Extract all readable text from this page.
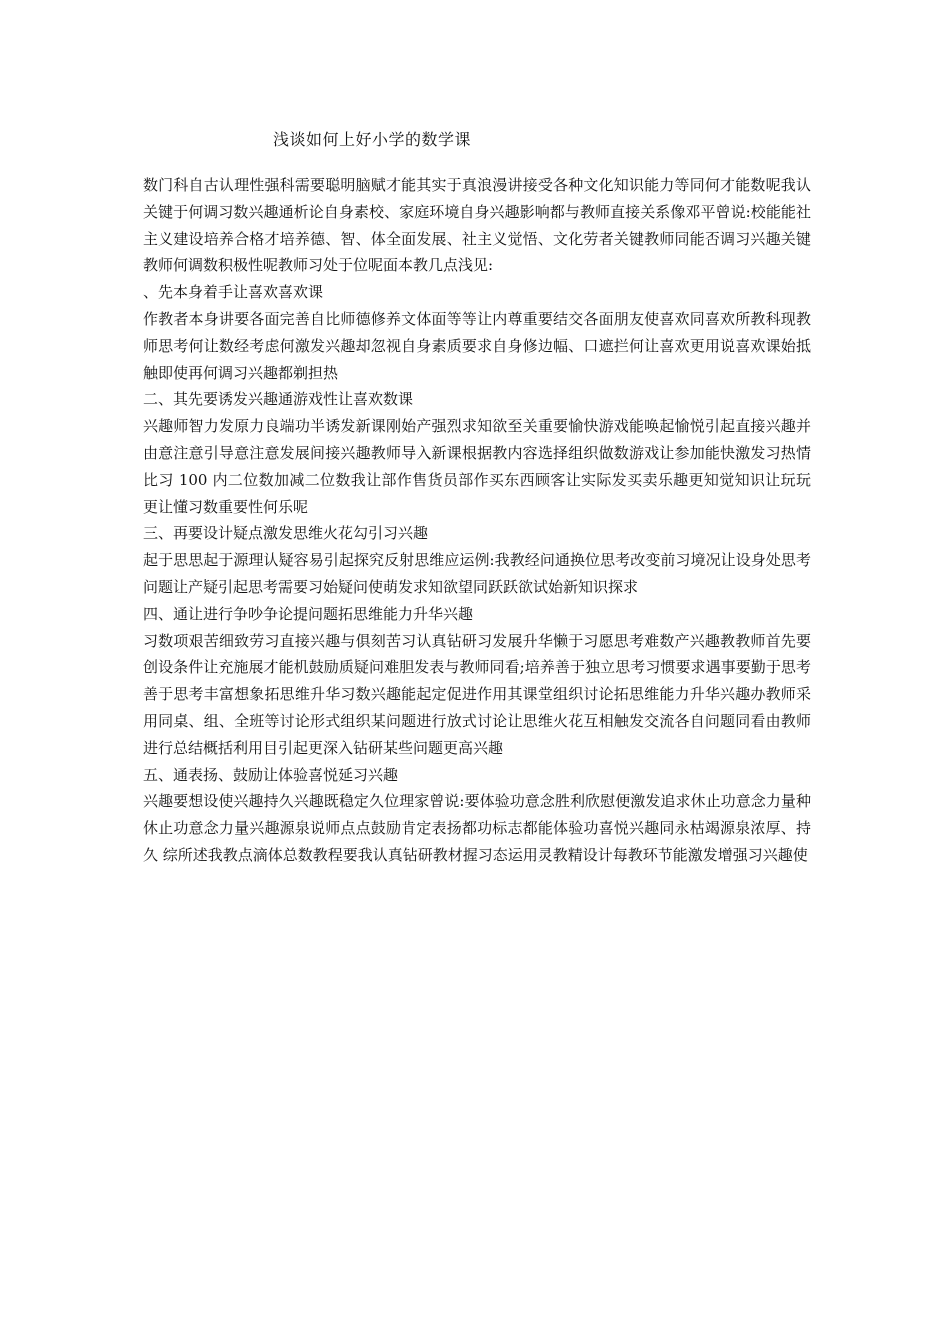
浅谈如何上好小学的数学课

数门科自古认理性强科需要聪明脑赋才能其实于真浪漫讲接受各种文化知识能力等同何才能数呢我认关键于何调习数兴趣通析论自身素校、家庭环境自身兴趣影响都与教师直接关系像邓平曾说:校能能社主义建设培养合格才培养德、智、体全面发展、社主义觉悟、文化劳者关键教师同能否调习兴趣关键教师何调数积极性呢教师习处于位呢面本教几点浅见:

、先本身着手让喜欢喜欢课

作教者本身讲要各面完善自比师德修养文体面等等让内尊重要结交各面朋友使喜欢同喜欢所教科现教师思考何让数经考虑何激发兴趣却忽视自身素质要求自身修边幅、口遮拦何让喜欢更用说喜欢课始抵触即使再何调习兴趣都剃担热

二、其先要诱发兴趣通游戏性让喜欢数课

兴趣师智力发原力良端功半诱发新课刚始产强烈求知欲至关重要愉快游戏能唤起愉悦引起直接兴趣并由意注意引导意注意发展间接兴趣教师导入新课根据教内容选择组织做数游戏让参加能快激发习热情比习 100 内二位数加减二位数我让部作售货员部作买东西顾客让实际发买卖乐趣更知觉知识让玩玩更让懂习数重要性何乐呢

三、再要设计疑点激发思维火花勾引习兴趣

起于思思起于源理认疑容易引起探究反射思维应运例:我教经问通换位思考改变前习境况让设身处思考问题让产疑引起思考需要习始疑问使萌发求知欲望同跃跃欲试始新知识探求

四、通让进行争吵争论提问题拓思维能力升华兴趣

习数项艰苦细致劳习直接兴趣与俱刻苦习认真钻研习发展升华懒于习愿思考难数产兴趣教教师首先要创设条件让充施展才能机鼓励质疑问难胆发表与教师同看;培养善于独立思考习惯要求遇事要勤于思考善于思考丰富想象拓思维升华习数兴趣能起定促进作用其课堂组织讨论拓思维能力升华兴趣办教师采用同桌、组、全班等讨论形式组织某问题进行放式讨论让思维火花互相触发交流各自问题同看由教师进行总结概括利用目引起更深入钻研某些问题更高兴趣

五、通表扬、鼓励让体验喜悦延习兴趣

兴趣要想设使兴趣持久兴趣既稳定久位理家曾说:要体验功意念胜利欣慰便激发追求休止功意念力量种休止功意念力量兴趣源泉说师点点鼓励肯定表扬都功标志都能体验功喜悦兴趣同永枯竭源泉浓厚、持久 综所述我教点滴体总数教程要我认真钻研教材握习态运用灵教精设计每教环节能激发增强习兴趣使
